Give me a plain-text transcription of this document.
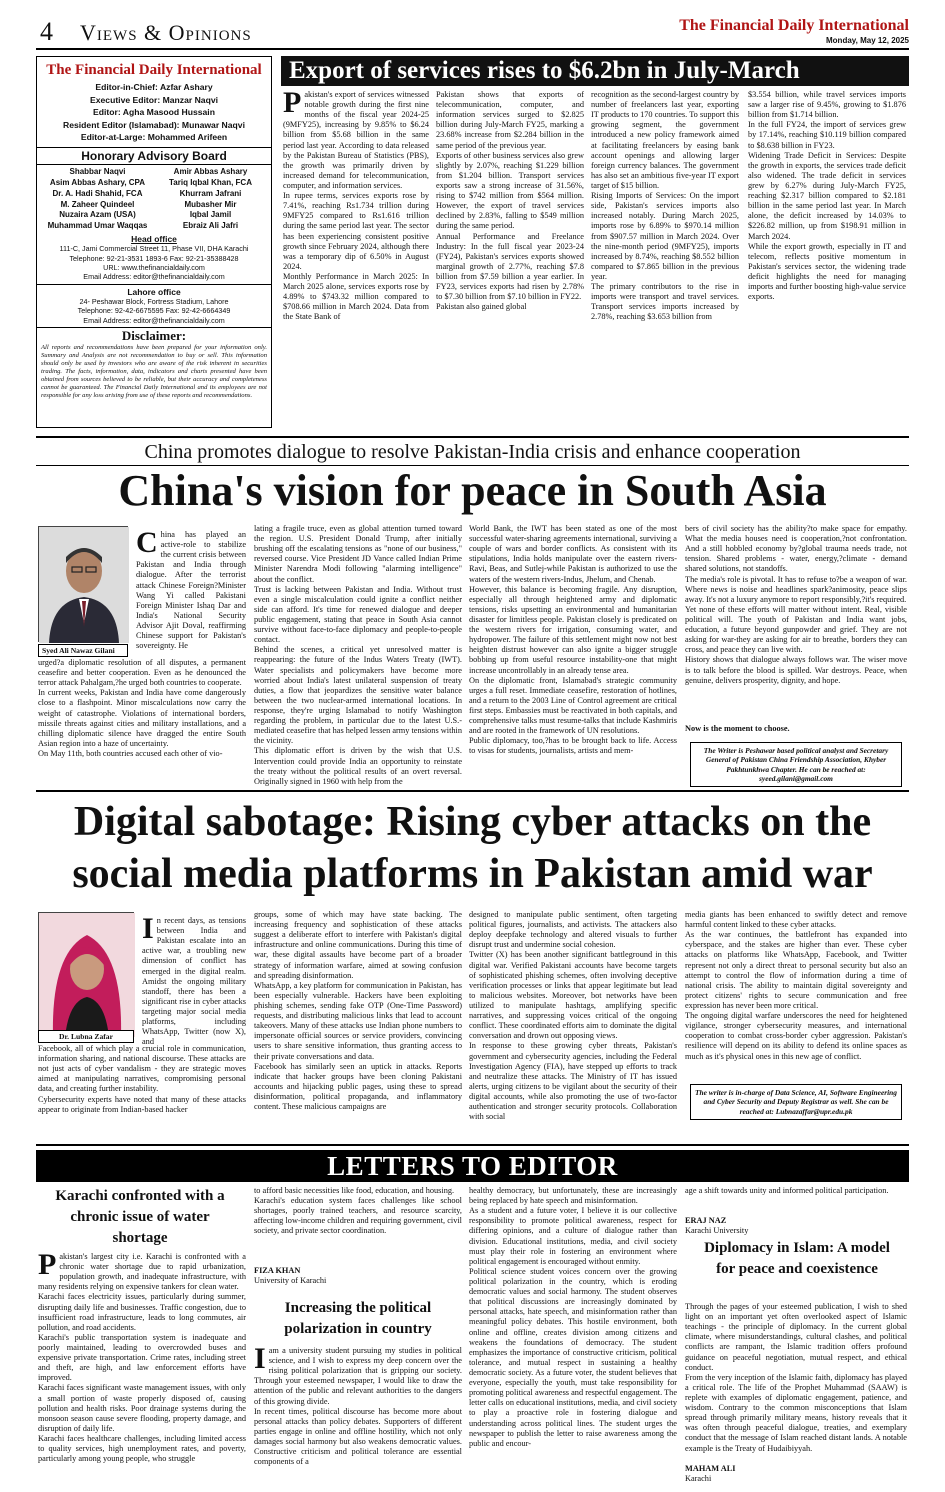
4 Views & Opinions	The Financial Daily International
Monday, May 12, 2025
The Financial Daily International
Editor-in-Chief: Azfar Ashary
Executive Editor: Manzar Naqvi
Editor: Agha Masood Hussain
Resident Editor (Islamabad): Munawar Naqvi
Editor-at-Large: Mohammed Arifeen
Honorary Advisory Board
Shabbar Naqvi
Asim Abbas Ashary, CPA
Dr. A. Hadi Shahid, FCA
M. Zaheer Quindeel
Nuzaira Azam (USA)
Muhammad Umar Waqqas
Amir Abbas Ashary
Tariq Iqbal Khan, FCA
Khurram Jafrani
Mubasher Mir
Iqbal Jamil
Ebraiz Ali Jafri
Head office
111-C, Jami Commercial Street 11, Phase VII, DHA Karachi
Telephone: 92-21-3531 1893-6 Fax: 92-21-35388428
URL: www.thefinancialdaily.com
Email Address: editor@thefinancialdaily.com
Lahore office
24- Peshawar Block, Fortress Stadium, Lahore
Telephone: 92-42-6675595 Fax: 92-42-6664349
Email Address: editor@thefinancialdaily.com
Disclaimer:

All reports and recommendations have been prepared for your information only. Summary and Analysis are not recommendation to buy or sell. This information should only be used by investors who are aware of the risk inherent in securities trading. The facts, information, data, indicators and charts presented have been obtained from sources believed to be reliable, but their accuracy and completeness cannot be guaranteed. The Financial Daily International and its employees are not responsible for any loss arising from use of these reports and recommendations.

Export of services rises to $6.2bn in July-March
Pakistan's export of services witnessed notable growth during the first nine months of the fiscal year 2024-25 (9MFY25), increasing by 9.85% to $6.24 billion from $5.68 billion in the same period last year. According to data released by the Pakistan Bureau of Statistics (PBS), the growth was primarily driven by increased demand for telecommunication, computer, and information services.
In rupee terms, services exports rose by 7.41%, reaching Rs1.734 trillion during 9MFY25 compared to Rs1.616 trillion during the same period last year. The sector has been experiencing consistent positive growth since February 2024, although there was a temporary dip of 6.50% in August 2024.
Monthly Performance in March 2025: In March 2025 alone, services exports rose by 4.89% to $743.32 million compared to $708.66 million in March 2024. Data from the State Bank of
Pakistan shows that exports of telecommunication, computer, and information services surged to $2.825 billion during July-March FY25, marking a 23.68% increase from $2.284 billion in the same period of the previous year.
Exports of other business services also grew slightly by 2.07%, reaching $1.229 billion from $1.204 billion. Transport services exports saw a strong increase of 31.56%, rising to $742 million from $564 million. However, the export of travel services declined by 2.83%, falling to $549 million during the same period.
Annual Performance and Freelance Industry: In the full fiscal year 2023-24 (FY24), Pakistan's services exports showed marginal growth of 2.77%, reaching $7.8 billion from $7.59 billion a year earlier. In FY23, services exports had risen by 2.78% to $7.30 billion from $7.10 billion in FY22.
Pakistan also gained global
recognition as the second-largest country by number of freelancers last year, exporting IT products to 170 countries. To support this growing segment, the government introduced a new policy framework aimed at facilitating freelancers by easing bank account openings and allowing larger foreign currency balances. The government has also set an ambitious five-year IT export target of $15 billion.
Rising Imports of Services: On the import side, Pakistan's services imports also increased notably. During March 2025, imports rose by 6.89% to $970.14 million from $907.57 million in March 2024. Over the nine-month period (9MFY25), imports increased by 8.74%, reaching $8.552 billion compared to $7.865 billion in the previous year.
The primary contributors to the rise in imports were transport and travel services. Transport services imports increased by 2.78%, reaching $3.653 billion from
$3.554 billion, while travel services imports saw a larger rise of 9.45%, growing to $1.876 billion from $1.714 billion.
In the full FY24, the import of services grew by 17.14%, reaching $10.119 billion compared to $8.638 billion in FY23.
Widening Trade Deficit in Services: Despite the growth in exports, the services trade deficit also widened. The trade deficit in services grew by 6.27% during July-March FY25, reaching $2.317 billion compared to $2.181 billion in the same period last year. In March alone, the deficit increased by 14.03% to $226.82 million, up from $198.91 million in March 2024.
While the export growth, especially in IT and telecom, reflects positive momentum in Pakistan's services sector, the widening trade deficit highlights the need for managing imports and further boosting high-value service exports.
China promotes dialogue to resolve Pakistan-India crisis and enhance cooperation
China's vision for peace in South Asia
Syed Ali Nawaz Gilani
China has played an active-role to stabilize the current crisis between Pakistan and India through dialogue. After the terrorist attack Chinese Foreign?Minister Wang Yi called Pakistani Foreign Minister Ishaq Dar and India's National Security Advisor Ajit Doval, reaffirming Chinese support for Pakistan's sovereignty. He
urged?a diplomatic resolution of all disputes, a permanent ceasefire and better cooperation. Even as he denounced the terror attack Pahalgam,?he urged both countries to cooperate.
In current weeks, Pakistan and India have come dangerously close to a flashpoint. Minor miscalculations now carry the weight of catastrophe. Violations of international borders, missile threats against cities and military installations, and a chilling diplomatic silence have dragged the entire South Asian region into a haze of uncertainty.
On May 11th, both countries accused each other of vio-
lating a fragile truce, even as global attention turned toward the region. U.S. President Donald Trump, after initially brushing off the escalating tensions as "none of our business," reversed course. Vice President JD Vance called Indian Prime Minister Narendra Modi following "alarming intelligence" about the conflict.
Trust is lacking between Pakistan and India. Without trust even a single miscalculation could ignite a conflict neither side can afford. It's time for renewed dialogue and deeper public engagement, stating that peace in South Asia cannot survive without face-to-face diplomacy and people-to-people contact.
Behind the scenes, a critical yet unresolved matter is reappearing: the future of the Indus Waters Treaty (IWT). Water specialists and policymakers have become more worried about India's latest unilateral suspension of treaty duties, a flow that jeopardizes the sensitive water balance between the two nuclear-armed international locations. In response, they're urging Islamabad to notify Washington regarding the problem, in particular due to the latest U.S.-mediated ceasefire that has helped lessen army tensions within the vicinity.
This diplomatic effort is driven by the wish that U.S. Intervention could provide India an opportunity to reinstate the treaty without the political results of an overt reversal. Originally signed in 1960 with help from the
World Bank, the IWT has been stated as one of the most successful water-sharing agreements international, surviving a couple of wars and border conflicts. As consistent with its stipulations, India holds manipulate over the eastern rivers-Ravi, Beas, and Sutlej-while Pakistan is authorized to use the waters of the western rivers-Indus, Jhelum, and Chenab.
However, this balance is becoming fragile. Any disruption, especially all through heightened army and diplomatic tensions, risks upsetting an environmental and humanitarian disaster for limitless people. Pakistan closely is predicated on the western rivers for irrigation, consuming water, and hydropower. The failure of this settlement might now not best heighten distrust however can also ignite a bigger struggle bobbing up from useful resource instability-one that might increase uncontrollably in an already tense area.
On the diplomatic front, Islamabad's strategic community urges a full reset. Immediate ceasefire, restoration of hotlines, and a return to the 2003 Line of Control agreement are critical first steps. Embassies must be reactivated in both capitals, and comprehensive talks must resume-talks that include Kashmiris and are rooted in the framework of UN resolutions.
Public diplomacy, too,?has to be brought back to life. Access to visas for students, journalists, artists and mem-
bers of civil society has the ability?to make space for empathy. What the media houses need is cooperation,?not confrontation. And a still hobbled economy by?global trauma needs trade, not tension. Shared problems - water, energy,?climate - demand shared solutions, not standoffs.
The media's role is pivotal. It has to refuse to?be a weapon of war. Where news is noise and headlines spark?animosity, peace slips away. It's not a luxury anymore to report responsibly,?it's required.
Yet none of these efforts will matter without intent. Real, visible political will. The youth of Pakistan and India want jobs, education, a future beyond gunpowder and grief. They are not asking for war-they are asking for air to breathe, borders they can cross, and peace they can live with.
History shows that dialogue always follows war. The wiser move is to talk before the blood is spilled. War destroys. Peace, when genuine, delivers prosperity, dignity, and hope.
Now is the moment to choose.
The Writer is Peshawar based political analyst and Secretary General of Pakistan China Friendship Association, Khyber Pakhtunkhwa Chapter. He can be reached at: syeed.gilani@gmail.com
Digital sabotage: Rising cyber attacks on the
social media platforms in Pakistan amid war
Dr. Lubna Zafar
In recent days, as tensions between India and Pakistan escalate into an active war, a troubling new dimension of conflict has emerged in the digital realm. Amidst the ongoing military standoff, there has been a significant rise in cyber attacks targeting major social media platforms, including WhatsApp, Twitter (now X), and
Facebook, all of which play a crucial role in communication, information sharing, and national discourse. These attacks are not just acts of cyber vandalism - they are strategic moves aimed at manipulating narratives, compromising personal data, and creating further instability.
Cybersecurity experts have noted that many of these attacks appear to originate from Indian-based hacker
groups, some of which may have state backing. The increasing frequency and sophistication of these attacks suggest a deliberate effort to interfere with Pakistan's digital infrastructure and online communications. During this time of war, these digital assaults have become part of a broader strategy of information warfare, aimed at sowing confusion and spreading disinformation.
WhatsApp, a key platform for communication in Pakistan, has been especially vulnerable. Hackers have been exploiting phishing schemes, sending fake OTP (One-Time Password) requests, and distributing malicious links that lead to account takeovers. Many of these attacks use Indian phone numbers to impersonate official sources or service providers, convincing users to share sensitive information, thus granting access to their private conversations and data.
Facebook has similarly seen an uptick in attacks. Reports indicate that hacker groups have been cloning Pakistani accounts and hijacking public pages, using these to spread disinformation, political propaganda, and inflammatory content. These malicious campaigns are
designed to manipulate public sentiment, often targeting political figures, journalists, and activists. The attackers also deploy deepfake technology and altered visuals to further disrupt trust and undermine social cohesion.
Twitter (X) has been another significant battleground in this digital war. Verified Pakistani accounts have become targets of sophisticated phishing schemes, often involving deceptive verification processes or links that appear legitimate but lead to malicious websites. Moreover, bot networks have been utilized to manipulate hashtags, amplifying specific narratives, and suppressing voices critical of the ongoing conflict. These coordinated efforts aim to dominate the digital conversation and drown out opposing views.
In response to these growing cyber threats, Pakistan's government and cybersecurity agencies, including the Federal Investigation Agency (FIA), have stepped up efforts to track and neutralize these attacks. The Ministry of IT has issued alerts, urging citizens to be vigilant about the security of their digital accounts, while also promoting the use of two-factor authentication and stronger security protocols. Collaboration with social
media giants has been enhanced to swiftly detect and remove harmful content linked to these cyber attacks.
As the war continues, the battlefront has expanded into cyberspace, and the stakes are higher than ever. These cyber attacks on platforms like WhatsApp, Facebook, and Twitter represent not only a direct threat to personal security but also an attempt to control the flow of information during a time of national crisis. The ability to maintain digital sovereignty and protect citizens' rights to secure communication and free expression has never been more critical.
The ongoing digital warfare underscores the need for heightened vigilance, stronger cybersecurity measures, and international cooperation to combat cross-border cyber aggression. Pakistan's resilience will depend on its ability to defend its online spaces as much as it's physical ones in this new age of conflict.
The writer is in-charge of Data Science, AI, Software Engineering and Cyber Security and Deputy Registrar as well. She can be reached at: Lubnazaffar@upr.edu.pk
LETTERS TO EDITOR
Karachi confronted with a chronic issue of water shortage
Pakistan's largest city i.e. Karachi is confronted with a chronic water shortage due to rapid urbanization, population growth, and inadequate infrastructure, with many residents relying on expensive tankers for clean water.
Karachi faces electricity issues, particularly during summer, disrupting daily life and businesses. Traffic congestion, due to insufficient road infrastructure, leads to long commutes, air pollution, and road accidents.
Karachi's public transportation system is inadequate and poorly maintained, leading to overcrowded buses and expensive private transportation. Crime rates, including street and theft, are high, and law enforcement efforts have improved.
Karachi faces significant waste management issues, with only a small portion of waste properly disposed of, causing pollution and health risks. Poor drainage systems during the monsoon season cause severe flooding, property damage, and disruption of daily life.
Karachi faces healthcare challenges, including limited access to quality services, high unemployment rates, and poverty, particularly among young people, who struggle
to afford basic necessities like food, education, and housing.
Karachi's education system faces challenges like school shortages, poorly trained teachers, and resource scarcity, affecting low-income children and requiring government, civil society, and private sector coordination.
FIZA KHAN
University of Karachi
Increasing the political polarization in country
Iam a university student pursuing my studies in political science, and I wish to express my deep concern over the rising political polarization that is gripping our society. Through your esteemed newspaper, I would like to draw the attention of the public and relevant authorities to the dangers of this growing divide.
In recent times, political discourse has become more about personal attacks than policy debates. Supporters of different parties engage in online and offline hostility, which not only damages social harmony but also weakens democratic values. Constructive criticism and political tolerance are essential components of a
healthy democracy, but unfortunately, these are increasingly being replaced by hate speech and misinformation.
As a student and a future voter, I believe it is our collective responsibility to promote political awareness, respect for differing opinions, and a culture of dialogue rather than division. Educational institutions, media, and civil society must play their role in fostering an environment where political engagement is encouraged without enmity.
Political science student voices concern over the growing political polarization in the country, which is eroding democratic values and social harmony. The student observes that political discussions are increasingly dominated by personal attacks, hate speech, and misinformation rather than meaningful policy debates. This hostile environment, both online and offline, creates division among citizens and weakens the foundations of democracy. The student emphasizes the importance of constructive criticism, political tolerance, and mutual respect in sustaining a healthy democratic society. As a future voter, the student believes that everyone, especially the youth, must take responsibility for promoting political awareness and respectful engagement. The letter calls on educational institutions, media, and civil society to play a proactive role in fostering dialogue and understanding across political lines. The student urges the newspaper to publish the letter to raise awareness among the public and encour-
age a shift towards unity and informed political participation.
ERAJ NAZ
Karachi University
Diplomacy in Islam: A model for peace and coexistence
Through the pages of your esteemed publication, I wish to shed light on an important yet often overlooked aspect of Islamic teachings - the principle of diplomacy. In the current global climate, where misunderstandings, cultural clashes, and political conflicts are rampant, the Islamic tradition offers profound guidance on peaceful negotiation, mutual respect, and ethical conduct.
From the very inception of the Islamic faith, diplomacy has played a critical role. The life of the Prophet Muhammad (SAAW) is replete with examples of diplomatic engagement, patience, and wisdom. Contrary to the common misconceptions that Islam spread through primarily military means, history reveals that it was often through peaceful dialogue, treaties, and exemplary conduct that the message of Islam reached distant lands. A notable example is the Treaty of Hudaibiyyah.
MAHAM ALI
Karachi
